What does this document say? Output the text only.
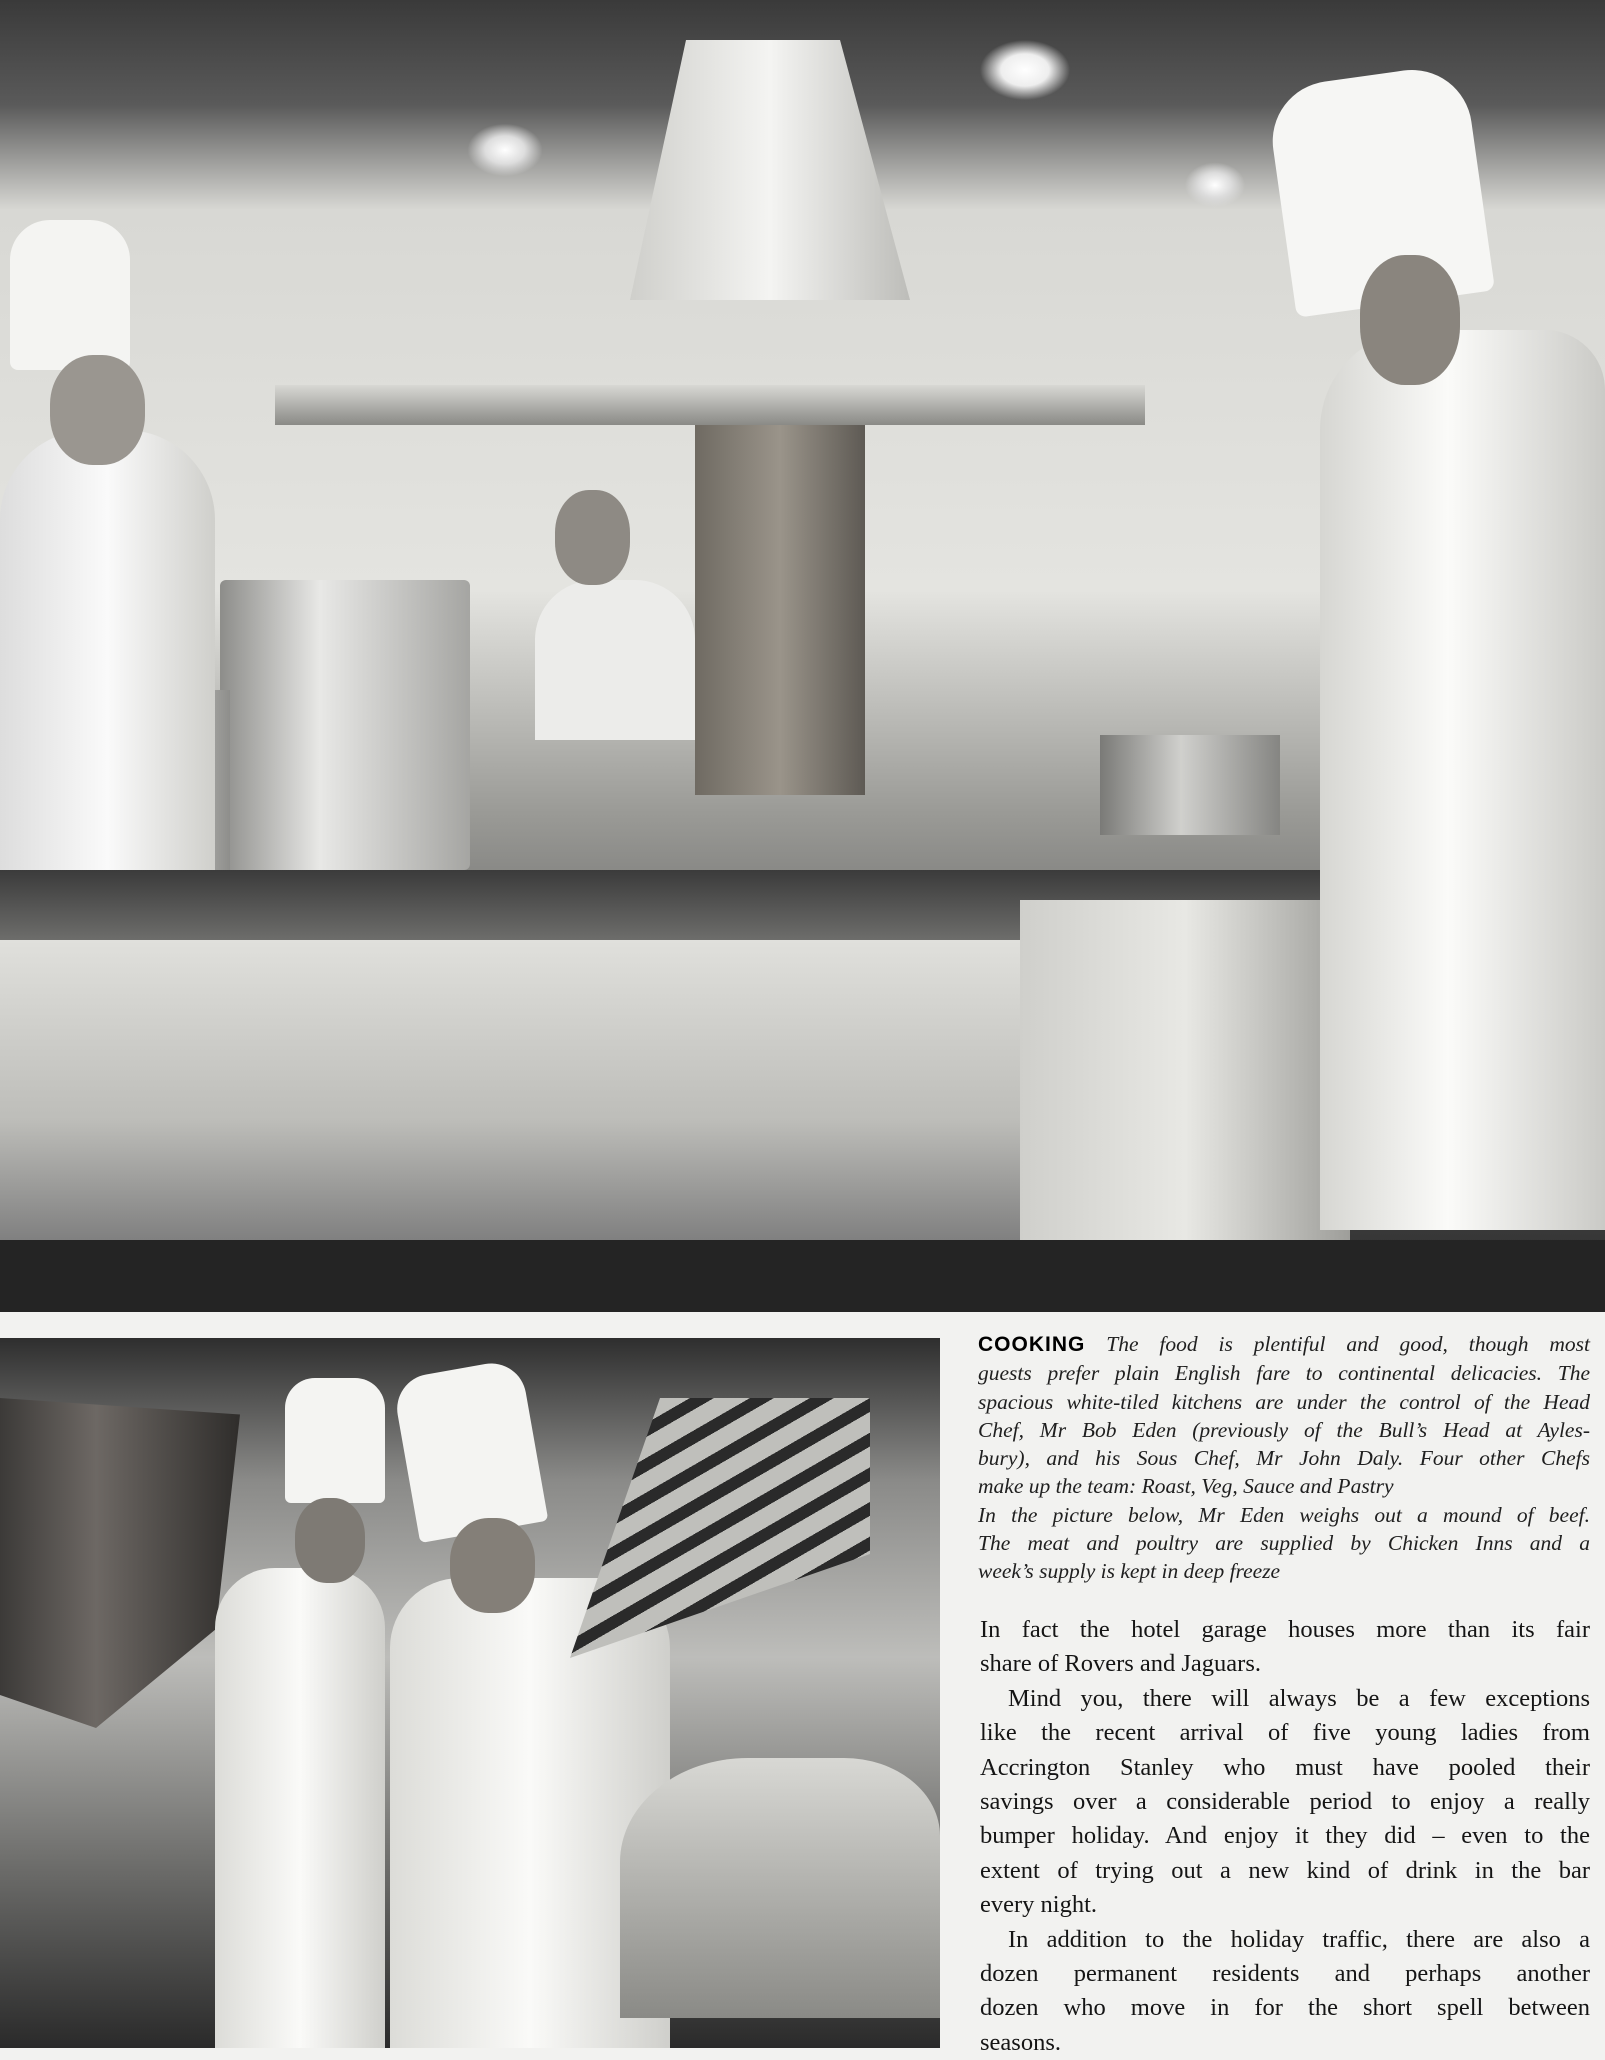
COOKING The food is plentiful and good, though most
guests prefer plain English fare to continental delicacies. The
spacious white-tiled kitchens are under the control of the Head
Chef, Mr Bob Eden (previously of the Bull’s Head at Ayles-
bury), and his Sous Chef, Mr John Daly. Four other Chefs
make up the team: Roast, Veg, Sauce and Pastry
In the picture below, Mr Eden weighs out a mound of beef.
The meat and poultry are supplied by Chicken Inns and a
week’s supply is kept in deep freeze
In fact the hotel garage houses more than its fair
share of Rovers and Jaguars.
Mind you, there will always be a few exceptions
like the recent arrival of five young ladies from
Accrington Stanley who must have pooled their
savings over a considerable period to enjoy a really
bumper holiday. And enjoy it they did – even to the
extent of trying out a new kind of drink in the bar
every night.
In addition to the holiday traffic, there are also a
dozen permanent residents and perhaps another
dozen who move in for the short spell between
seasons.
